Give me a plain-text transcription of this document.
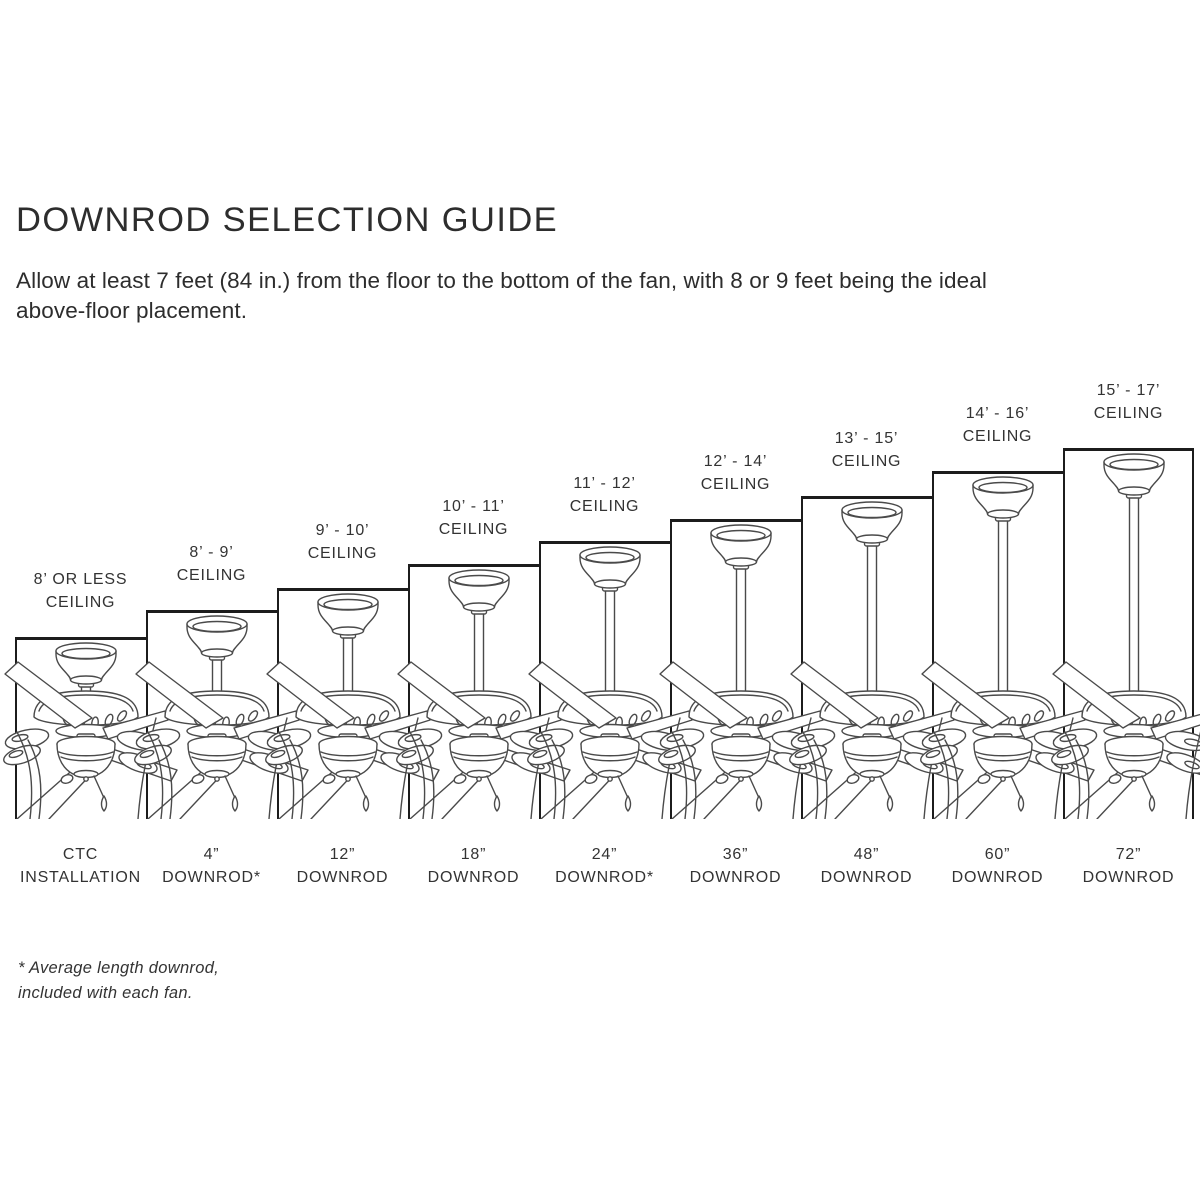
DOWNROD SELECTION GUIDE
Allow at least 7 feet (84 in.) from the floor to the bottom of the fan, with 8 or 9 feet being the ideal
above-floor placement.
8’ OR LESS
CEILING
CTC
INSTALLATION
8’ - 9’
CEILING
4”
DOWNROD*
9’ - 10’
CEILING
12”
DOWNROD
10’ - 11’
CEILING
18”
DOWNROD
11’ - 12’
CEILING
24”
DOWNROD*
12’ - 14’
CEILING
36”
DOWNROD
13’ - 15’
CEILING
48”
DOWNROD
14’ - 16’
CEILING
60”
DOWNROD
15’ - 17’
CEILING
72”
DOWNROD
* Average length downrod,
included with each fan.
